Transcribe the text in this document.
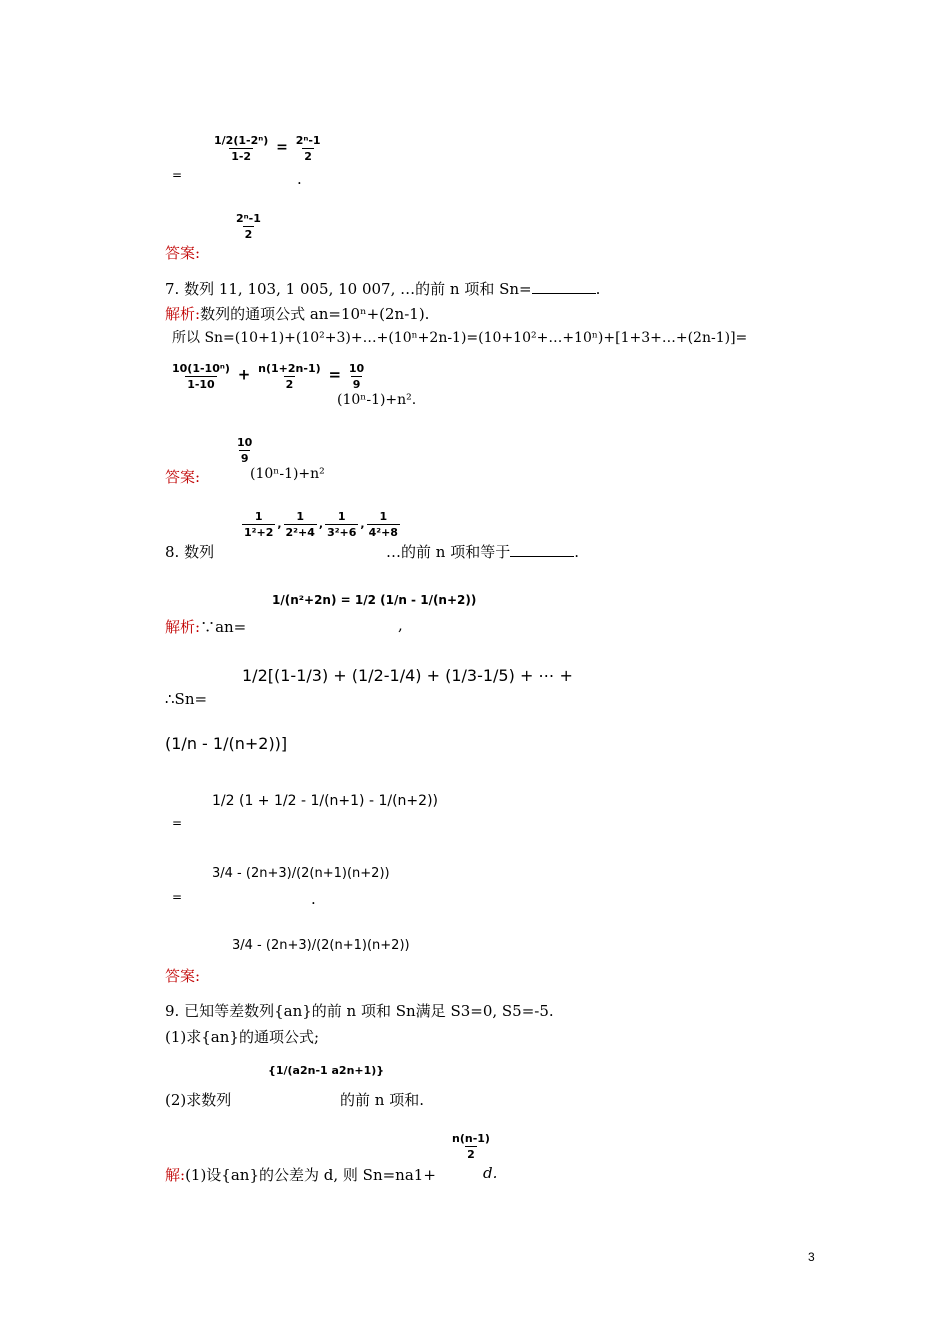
=
$\frac{\text{1/2(1-2ⁿ)}}{1-2} = \frac{\text{2ⁿ-1}}{2}$
.
$\frac{\text{2ⁿ-1}}{2}$
答案:
7. 数列 11, 103, 1 005, 10 007, …的前 n 项和 Sn=	.
解析:数列的通项公式 an=10ⁿ+(2n-1).
所以 Sn=(10+1)+(10²+3)+…+(10ⁿ+2n-1)=(10+10²+…+10ⁿ)+[1+3+…+(2n-1)]=
$\frac{\text{10(1-10ⁿ)}}{1-10} + \frac{n(1+2n-1)}{2} = \frac{10}{9}$
(10ⁿ-1)+n².
$\frac{10}{9}$
答案:	(10ⁿ-1)+n²
8. 数列
$\frac{1}{\text{1²+2}}$ , $\frac{1}{\text{2²+4}}$ , $\frac{1}{\text{3²+6}}$ , $\frac{1}{\text{4²+8}}$
…的前 n 项和等于	.
解析:∵an=
1/(n²+2n) = 1/2 (1/n - 1/(n+2))
,
∴Sn=
1/2[(1-1/3) + (1/2-1/4) + (1/3-1/5) + ⋯ +
(1/n - 1/(n+2))]
=
1/2 (1 + 1/2 - 1/(n+1) - 1/(n+2))
=
3/4 - (2n+3)/(2(n+1)(n+2))
.
3/4 - (2n+3)/(2(n+1)(n+2))
答案:
9. 已知等差数列{an}的前 n 项和 Sn满足 S3=0, S5=-5.
(1)求{an}的通项公式;
(2)求数列
{1/(a2n-1 a2n+1)}
的前 n 项和.
解:(1)设{an}的公差为 d, 则 Sn=na1+
$\frac{n(n-1)}{2}$
d.
3
